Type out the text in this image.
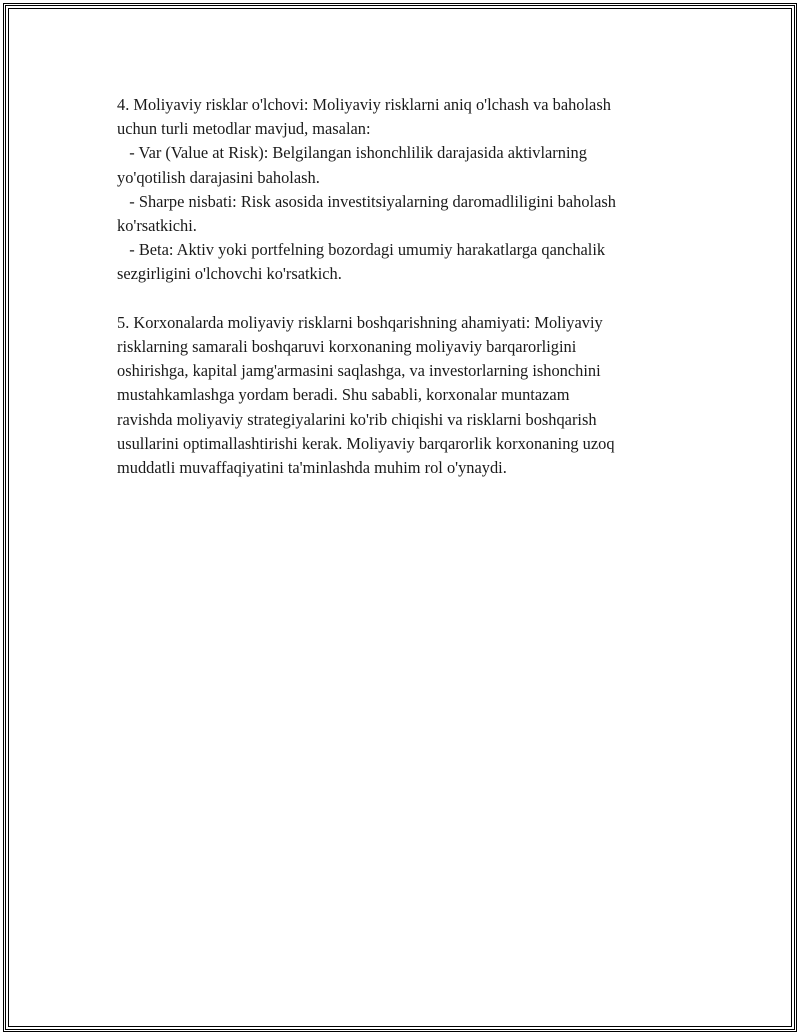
4. Moliyaviy risklar o'lchovi: Moliyaviy risklarni aniq o'lchash va baholash
uchun turli metodlar mavjud, masalan:
- Var (Value at Risk): Belgilangan ishonchlilik darajasida aktivlarning
yo'qotilish darajasini baholash.
- Sharpe nisbati: Risk asosida investitsiyalarning daromadliligini baholash
ko'rsatkichi.
- Beta: Aktiv yoki portfelning bozordagi umumiy harakatlarga qanchalik
sezgirligini o'lchovchi ko'rsatkich.
5. Korxonalarda moliyaviy risklarni boshqarishning ahamiyati: Moliyaviy
risklarning samarali boshqaruvi korxonaning moliyaviy barqarorligini
oshirishga, kapital jamg'armasini saqlashga, va investorlarning ishonchini
mustahkamlashga yordam beradi. Shu sababli, korxonalar muntazam
ravishda moliyaviy strategiyalarini ko'rib chiqishi va risklarni boshqarish
usullarini optimallashtirishi kerak. Moliyaviy barqarorlik korxonaning uzoq
muddatli muvaffaqiyatini ta'minlashda muhim rol o'ynaydi.
